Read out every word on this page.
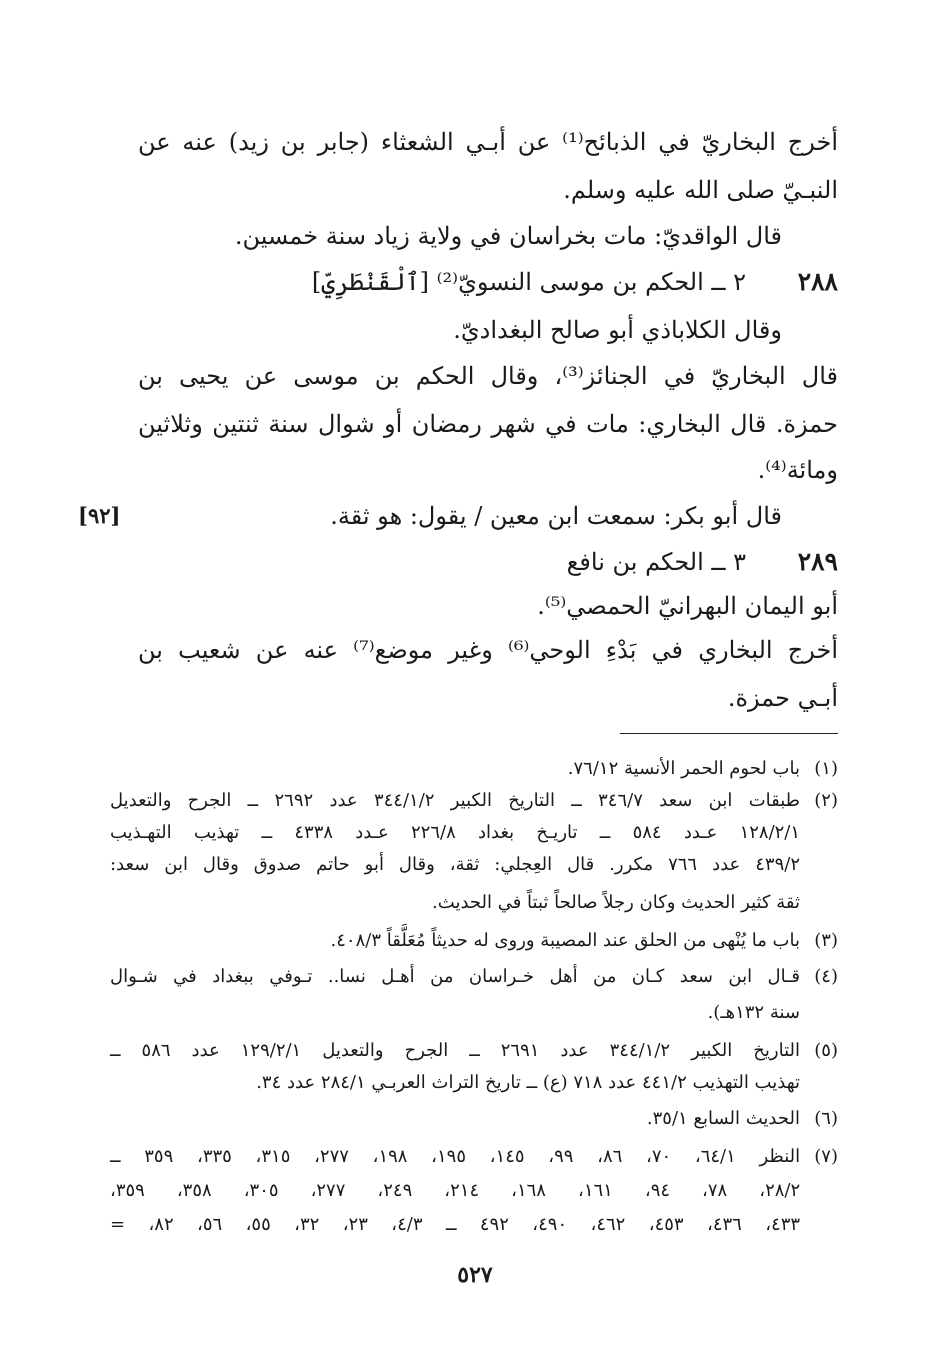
أخرج البخاريّ في الذبائح⁽¹⁾ عن أبـي الشعثاء (جابر بن زيد) عنه عن
النبـيّ صلى الله عليه وسلم.
قال الواقديّ: مات بخراسان في ولاية زياد سنة خمسين.
٢٨٨
٢ ــ الحكم بن موسى النسويّ⁽²⁾ [ٱلْقَنْطَرِيّ]
وقال الكلاباذي أبو صالح البغداديّ.
قال البخاريّ في الجنائز⁽³⁾، وقال الحكم بن موسى عن يحيى بن
حمزة. قال البخاري: مات في شهر رمضان أو شوال سنة ثنتين وثلاثين
ومائة⁽⁴⁾.
قال أبو بكر: سمعت ابن معين / يقول: هو ثقة.
[٩٢]
٢٨٩
٣ ــ الحكم بن نافع
أبو اليمان البهرانيّ الحمصي⁽⁵⁾.
أخرج البخاري في بَدْءِ الوحي⁽⁶⁾ وغير موضع⁽⁷⁾ عنه عن شعيب بن
أبـي حمزة.
(١)
باب لحوم الحمر الأنسية ٧٦/١٢.
(٢)
طبقات ابن سعد ٣٤٦/٧ ــ التاريخ الكبير ٣٤٤/١/٢ عدد ٢٦٩٢ ــ الجرح والتعديل
١٢٨/٢/١ عـدد ٥٨٤ ــ تاريـخ بغداد ٢٢٦/٨ عـدد ٤٣٣٨ ــ تهذيب التهـذيب
٤٣٩/٢ عدد ٧٦٦ مكرر. قال العِجلي: ثقة، وقال أبو حاتم صدوق وقال ابن سعد:
ثقة كثير الحديث وكان رجلاً صالحاً ثبتاً في الحديث.
(٣)
باب ما يُنْهى من الحلق عند المصيبة وروى له حديثاً مُعَلَّقاً ٤٠٨/٣.
(٤)
قـال ابن سعد كـان من أهل خـراسان من أهـل نسا.. تـوفي ببغداد في شـوال
سنة ١٣٢هـ).
(٥)
التاريخ الكبير ٣٤٤/١/٢ عدد ٢٦٩١ ــ الجرح والتعديل ١٢٩/٢/١ عدد ٥٨٦ ــ
تهذيب التهذيب ٤٤١/٢ عدد ٧١٨ (ع) ــ تاريخ التراث العربـي ٢٨٤/١ عدد ٣٤.
(٦)
الحديث السابع ٣٥/١.
(٧)
النظر ٦٤/١، ٧٠، ٨٦، ٩٩، ١٤٥، ١٩٥، ١٩٨، ٢٧٧، ٣١٥، ٣٣٥، ٣٥٩ ــ
٢٨/٢، ٧٨، ٩٤، ١٦١، ١٦٨، ٢١٤، ٢٤٩، ٢٧٧، ٣٠٥، ٣٥٨، ٣٥٩،
٤٣٣، ٤٣٦، ٤٥٣، ٤٦٢، ٤٩٠، ٤٩٢ ــ ٤/٣، ٢٣، ٣٢، ٥٥، ٥٦، ٨٢، =
٥٢٧
